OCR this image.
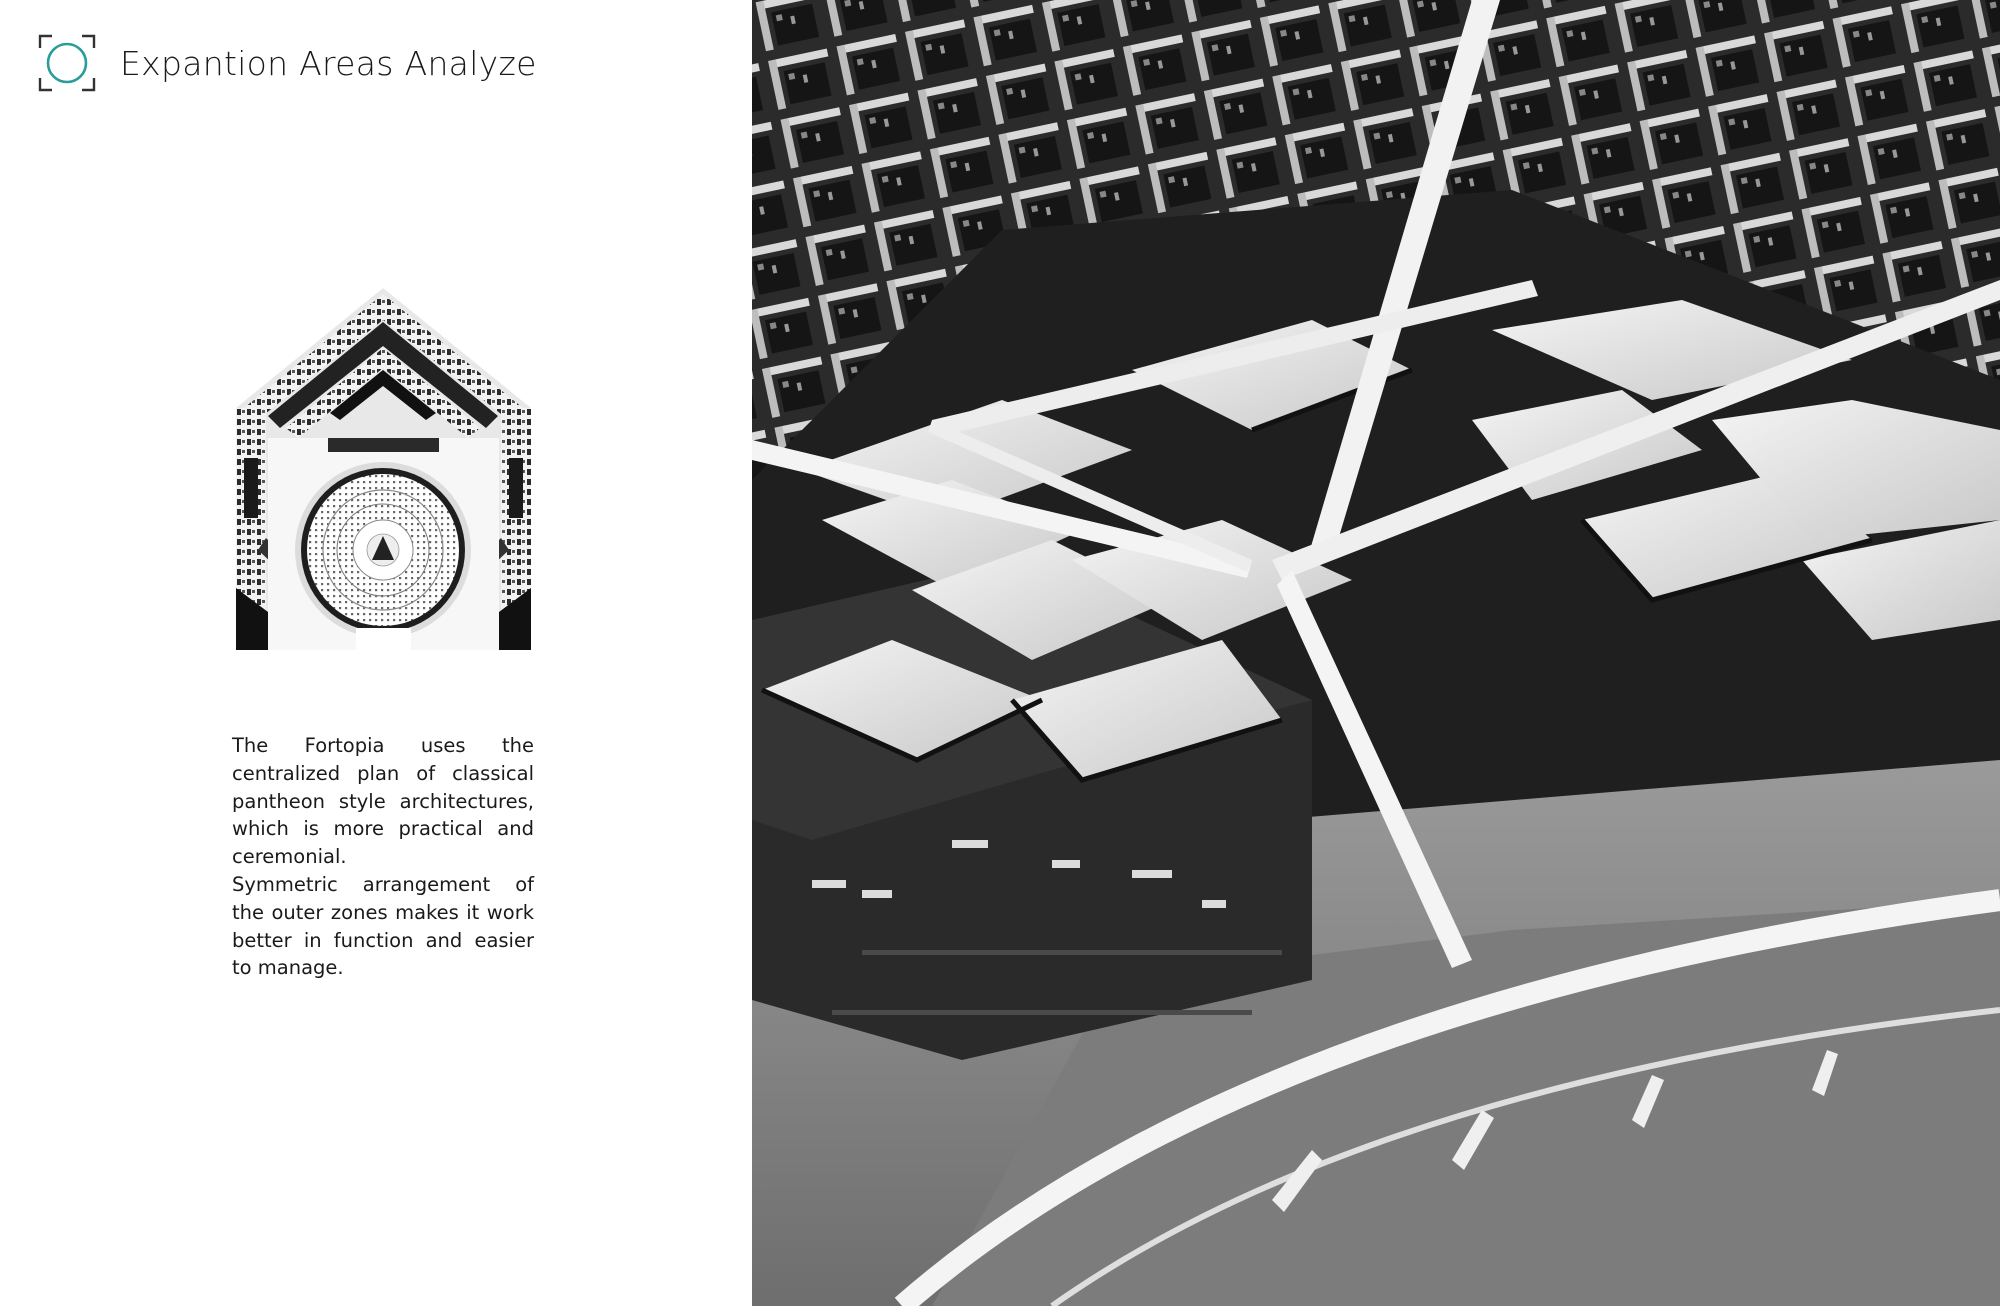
Expantion Areas Analyze

The Fortopia uses the centralized plan of classical pantheon style architectures, which is more practical and ceremonial.

Symmetric arrangement of the outer zones makes it work better in function and easier to manage.
